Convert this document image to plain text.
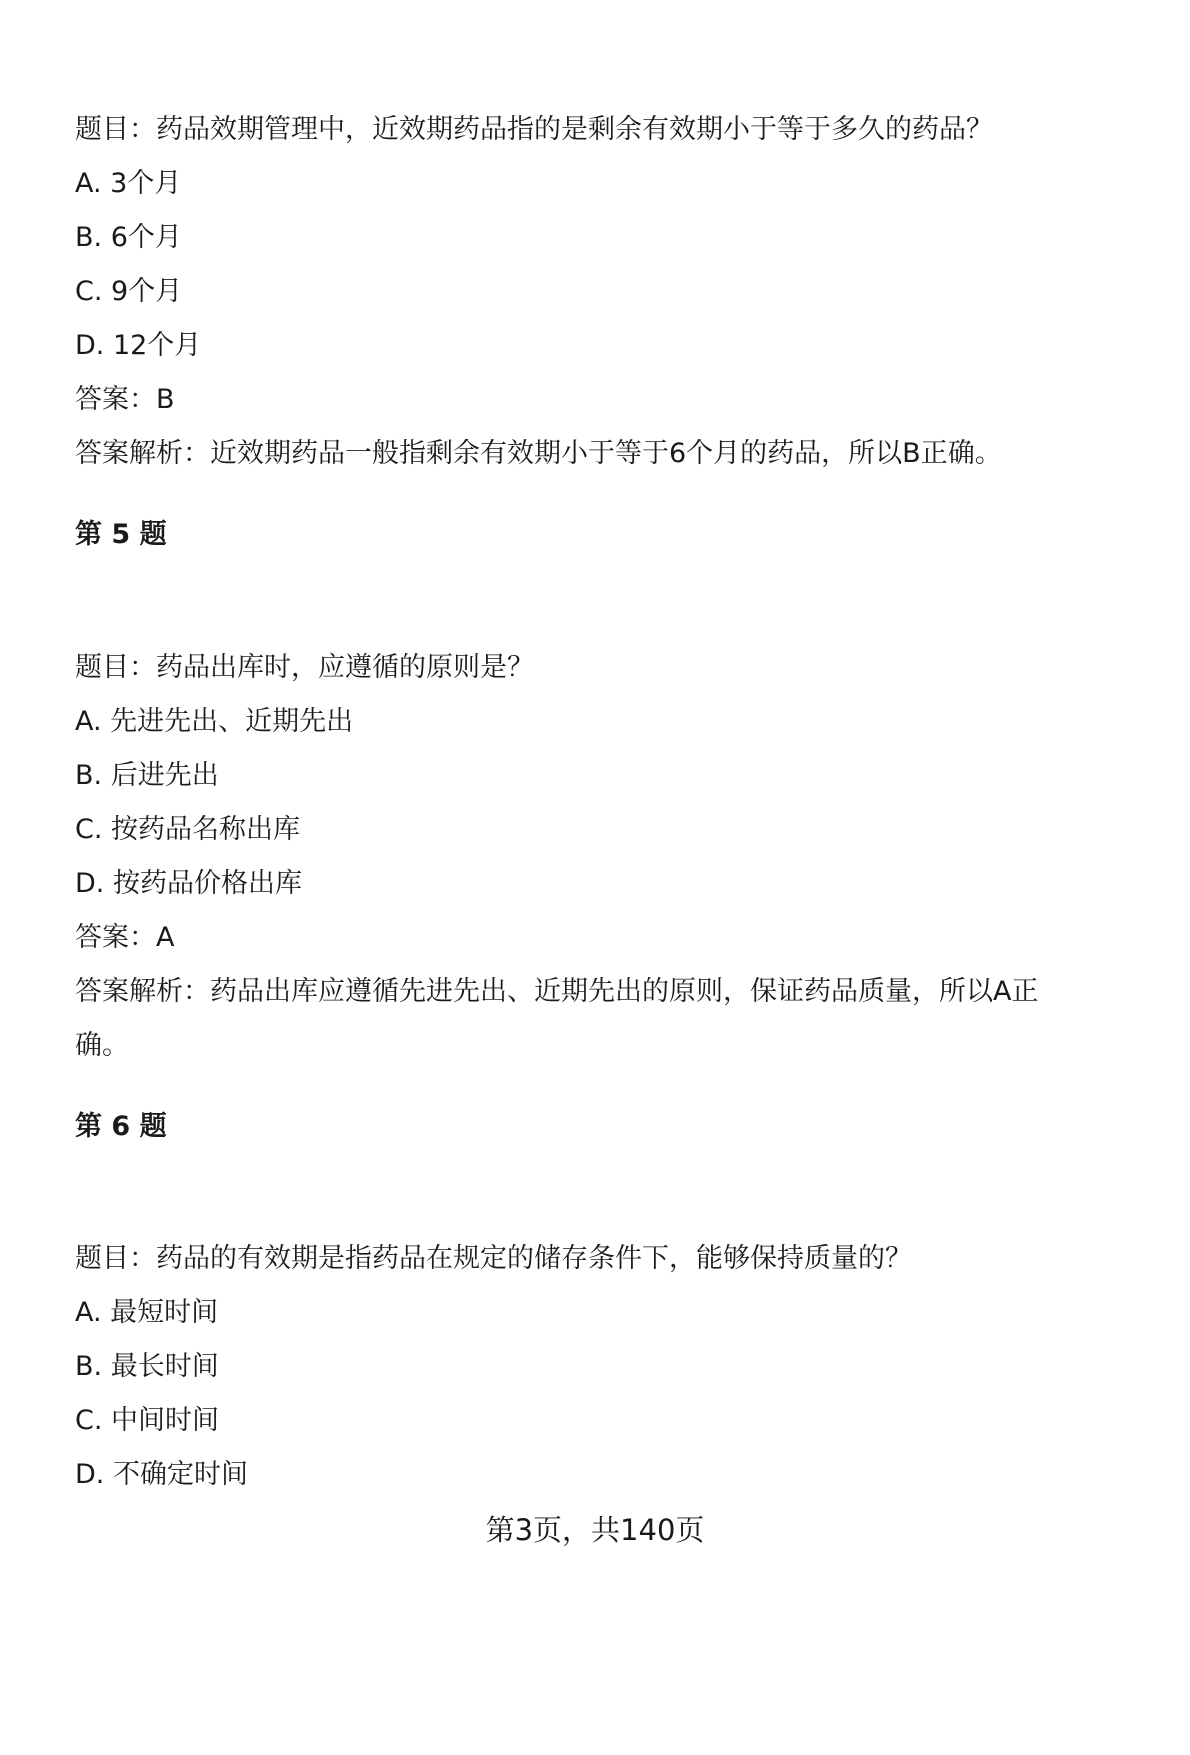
题目：药品效期管理中，近效期药品指的是剩余有效期小于等于多久的药品？
A. 3个月
B. 6个月
C. 9个月
D. 12个月
答案：B
答案解析：近效期药品一般指剩余有效期小于等于6个月的药品，所以B正确。
第 5 题
题目：药品出库时，应遵循的原则是？
A. 先进先出、近期先出
B. 后进先出
C. 按药品名称出库
D. 按药品价格出库
答案：A
答案解析：药品出库应遵循先进先出、近期先出的原则，保证药品质量，所以A正
确。
第 6 题
题目：药品的有效期是指药品在规定的储存条件下，能够保持质量的？
A. 最短时间
B. 最长时间
C. 中间时间
D. 不确定时间
第3页，共140页
